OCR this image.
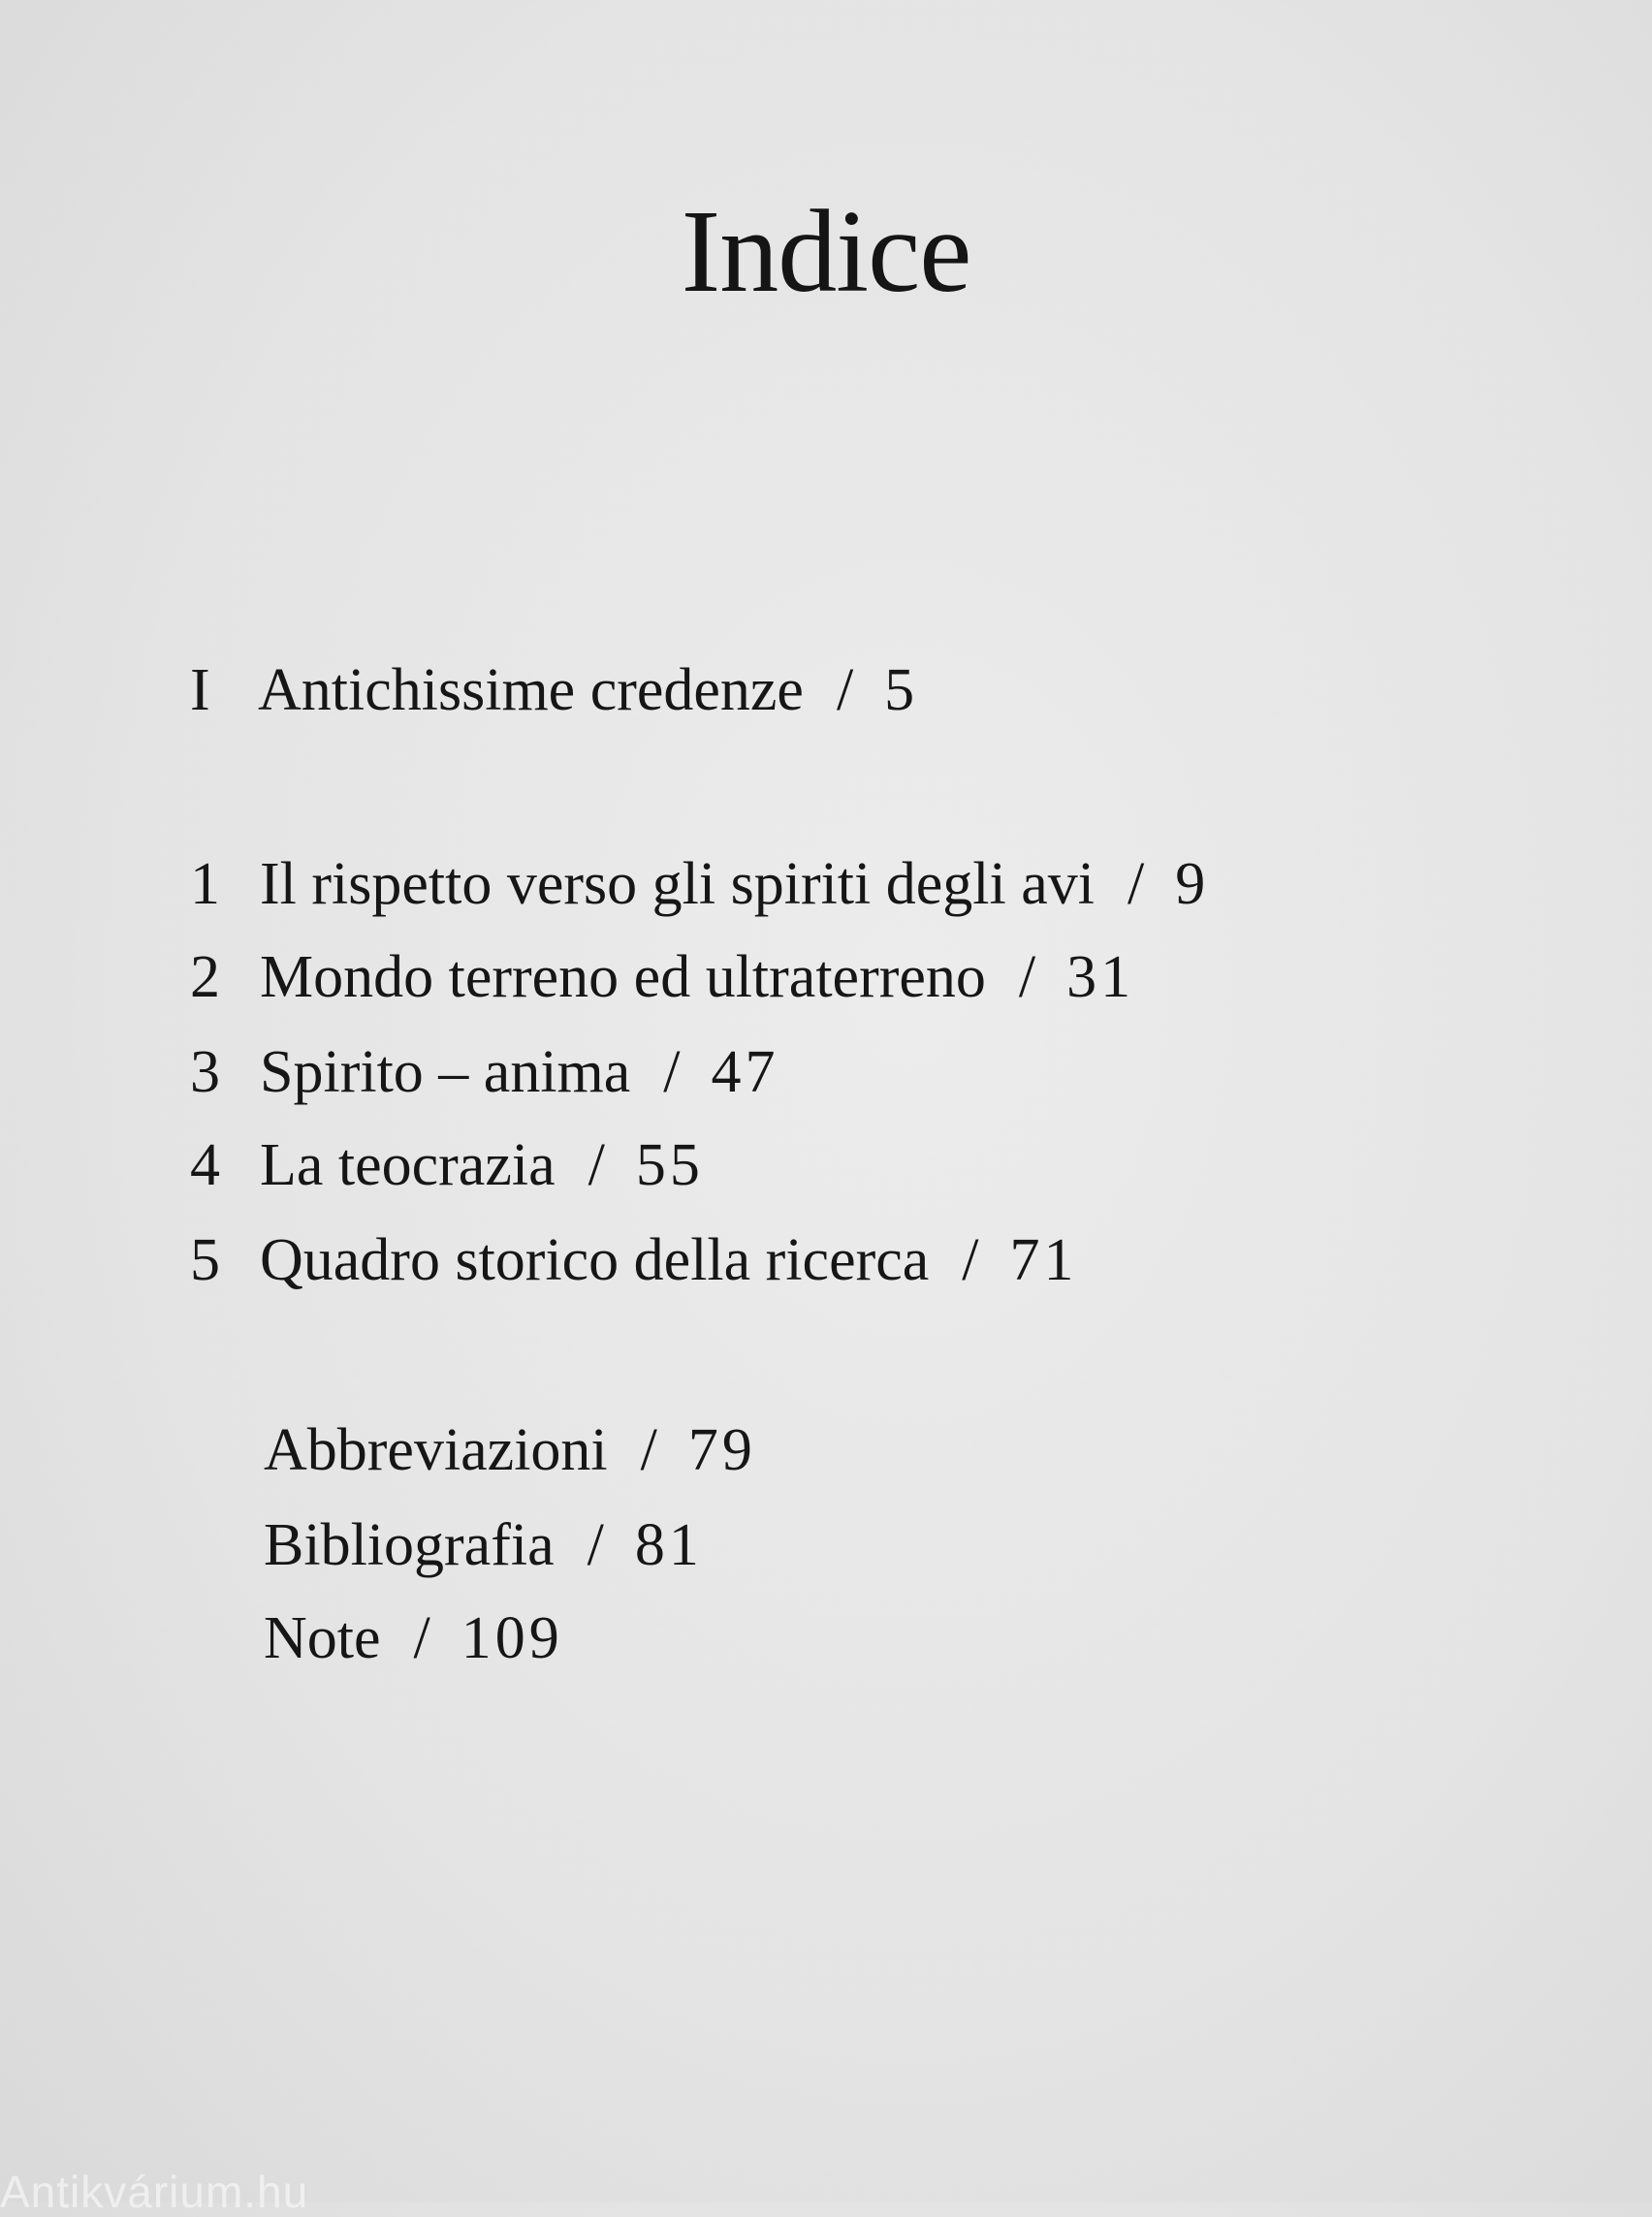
Indice
I Antichissime credenze / 5
1 Il rispetto verso gli spiriti degli avi / 9
2 Mondo terreno ed ultraterreno / 31
3 Spirito – anima / 47
4 La teocrazia / 55
5 Quadro storico della ricerca / 71
Abbreviazioni / 79
Bibliografia / 81
Note / 109
Antikvárium.hu
